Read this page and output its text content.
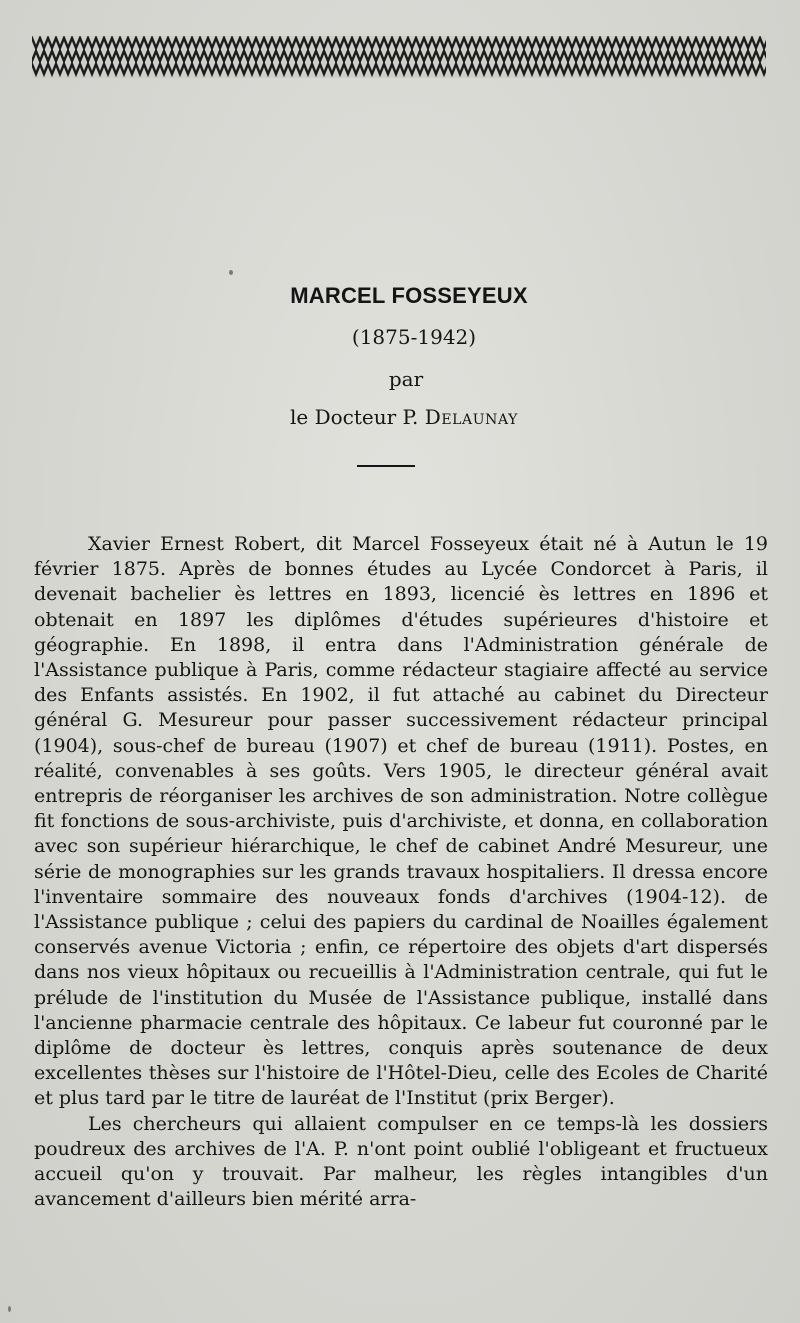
MARCEL FOSSEYEUX
(1875-1942)
par
le Docteur P. Delaunay

Xavier Ernest Robert, dit Marcel Fosseyeux était né à Autun le 19 février 1875. Après de bonnes études au Lycée Condorcet à Paris, il devenait bachelier ès lettres en 1893, licencié ès lettres en 1896 et obtenait en 1897 les diplômes d'études supérieures d'histoire et géographie. En 1898, il entra dans l'Administration générale de l'Assistance publique à Paris, comme rédacteur stagiaire affecté au service des Enfants assistés. En 1902, il fut attaché au cabinet du Directeur général G. Mesureur pour passer successivement rédacteur principal (1904), sous-chef de bureau (1907) et chef de bureau (1911). Postes, en réalité, convenables à ses goûts. Vers 1905, le directeur général avait entrepris de réorganiser les archives de son administration. Notre collègue fit fonctions de sous-archiviste, puis d'archiviste, et donna, en collaboration avec son supérieur hiérarchique, le chef de cabinet André Mesureur, une série de monographies sur les grands travaux hospitaliers. Il dressa encore l'inventaire sommaire des nouveaux fonds d'archives (1904-12). de l'Assistance publique ; celui des papiers du cardinal de Noailles également conservés avenue Victoria ; enfin, ce répertoire des objets d'art dispersés dans nos vieux hôpitaux ou recueillis à l'Administration centrale, qui fut le prélude de l'institution du Musée de l'Assistance publique, installé dans l'ancienne pharmacie centrale des hôpitaux. Ce labeur fut couronné par le diplôme de docteur ès lettres, conquis après soutenance de deux excellentes thèses sur l'histoire de l'Hôtel-Dieu, celle des Ecoles de Charité et plus tard par le titre de lauréat de l'Institut (prix Berger).

Les chercheurs qui allaient compulser en ce temps-là les dossiers poudreux des archives de l'A. P. n'ont point oublié l'obligeant et fructueux accueil qu'on y trouvait. Par malheur, les règles intangibles d'un avancement d'ailleurs bien mérité arra-
